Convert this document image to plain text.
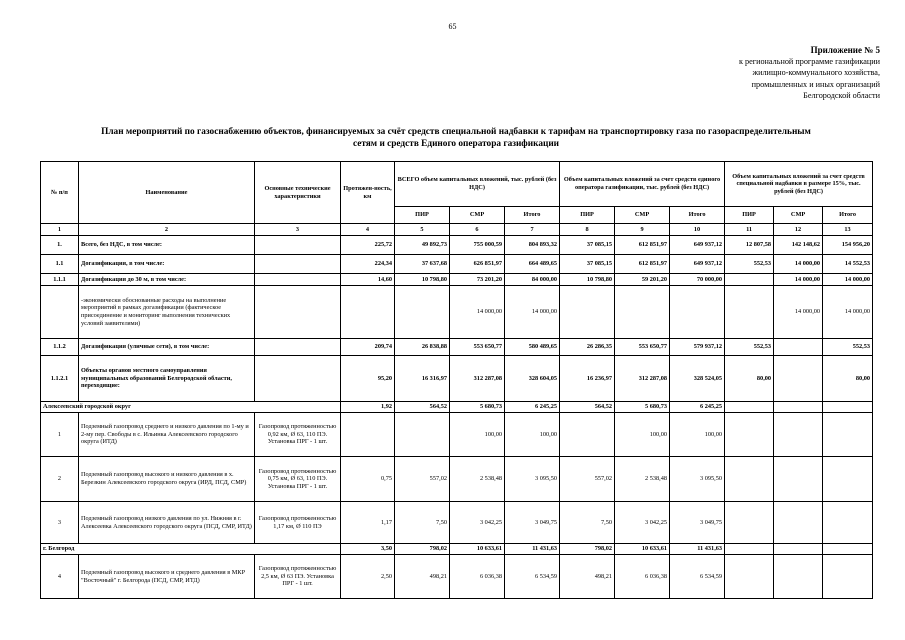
65
Приложение № 5
к региональной программе газификации
жилищно-коммунального хозяйства,
промышленных и иных организаций
Белгородской области
План мероприятий по газоснабжению объектов, финансируемых за счёт средств специальной надбавки к тарифам на транспортировку газа по газораспределительным
сетям и средств Единого оператора газификации
№ п/п	Наименование	Основные технические характеристики	Протяжен-ность, км	ВСЕГО объем капитальных вложений, тыс. рублей (без НДС)			Объем капитальных вложений за счет средств единого оператора газификации, тыс. рублей (без НДС)			Объем капитальных вложений за счет средств специальной надбавки в размере 15%, тыс. рублей (без НДС)		
				ПИР	СМР	Итого	ПИР	СМР	Итого	ПИР	СМР	Итого
1	2	3	4	5	6	7	8	9	10	11	12	13
1.	Всего, без НДС, в том числе:		225,72	49 892,73	755 000,59	804 893,32	37 085,15	612 851,97	649 937,12	12 807,58	142 148,62	154 956,20
1.1	Догазификация, в том числе:		224,34	37 637,68	626 851,97	664 489,65	37 085,15	612 851,97	649 937,12	552,53	14 000,00	14 552,53
1.1.1	Догазификация до 30 м, в том числе:		14,60	10 798,80	73 201,20	84 000,00	10 798,80	59 201,20	70 000,00		14 000,00	14 000,00
	-экономически обоснованные расходы на выполнение мероприятий в рамках догазификации (фактическое присоединение и мониторинг выполнения технических условий заявителями)				14 000,00	14 000,00					14 000,00	14 000,00
1.1.2	Догазификация (уличные сети), в том числе:		209,74	26 838,88	553 650,77	580 489,65	26 286,35	553 650,77	579 937,12	552,53		552,53
1.1.2.1	Объекты органов местного самоуправления муниципальных образований Белгородской области, переходящие:		95,20	16 316,97	312 287,08	328 604,05	16 236,97	312 287,08	328 524,05	80,00		80,00
Алексеевский городской округ			1,92	564,52	5 680,73	6 245,25	564,52	5 680,73	6 245,25			
1	Подземный газопровод среднего и низкого давления по 1-му и 2-му пер. Свободы в с. Ильинка Алексеевского городского округа (ИТД)	Газопровод протяженностью 0,92 км, Ø 63, 110 ПЭ. Установка ПРГ - 1 шт.			100,00	100,00		100,00	100,00			
2	Подземный газопровод высокого и низкого давления в х. Березкин Алексеевского городского округа (ИРД, ПСД, СМР)	Газопровод протяженностью 0,75 км, Ø 63, 110 ПЭ. Установка ПРГ - 1 шт.	0,75	557,02	2 538,48	3 095,50	557,02	2 538,48	3 095,50			
3	Подземный газопровод низкого давления по ул. Нижняя в г. Алексеевка Алексеевского городского округа (ПСД, СМР, ИТД)	Газопровод протяженностью 1,17 км, Ø 110 ПЭ	1,17	7,50	3 042,25	3 049,75	7,50	3 042,25	3 049,75			
г. Белгород			3,50	798,02	10 633,61	11 431,63	798,02	10 633,61	11 431,63			
4	Подземный газопровод высокого и среднего давления в МКР "Восточный" г. Белгорода (ПСД, СМР, ИТД)	Газопровод протяженностью 2,5 км, Ø 63 ПЭ. Установка ПРГ - 1 шт.	2,50	498,21	6 036,38	6 534,59	498,21	6 036,38	6 534,59			
